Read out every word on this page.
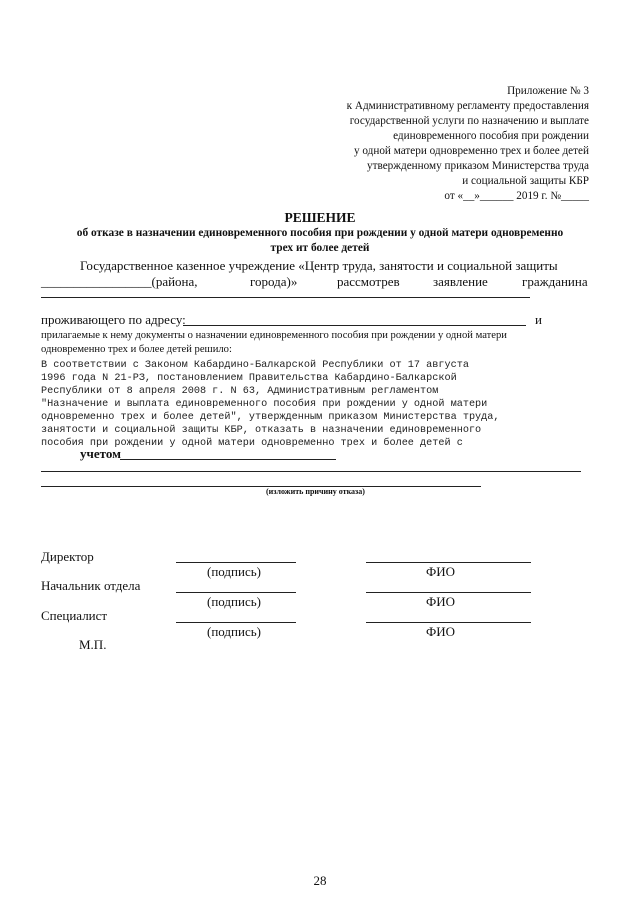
Приложение № 3
к Административному регламенту предоставления
государственной услуги по назначению и выплате
единовременного пособия при рождении
у одной матери одновременно трех и более детей
утвержденному приказом Министерства труда
и социальной защиты КБР
от «__»______ 2019 г. №_____
РЕШЕНИЕ
об отказе в назначении единовременного пособия при рождении у одной матери одновременно
трех ит более детей
Государственное казенное учреждение «Центр труда, занятости и социальной защиты
_________________(района,	города)»	рассмотрев	заявление	гражданина
проживающего по адресу:	и
прилагаемые к нему документы о назначении единовременного пособия при рождении у одной матери
одновременно трех и более детей решило:
В соответствии с Законом Кабардино-Балкарской Республики от 17 августа
1996 года N 21-РЗ, постановлением Правительства Кабардино-Балкарской
Республики от 8 апреля 2008 г. N 63, Административным регламентом
"Назначение и выплата единовременного пособия при рождении у одной матери
одновременно трех и более детей", утвержденным приказом Министерства труда,
занятости и социальной защиты КБР, отказать в назначении единовременного
пособия при рождении у одной матери одновременно трех и более детей с
учетом
(изложить причину отказа)
Директор
(подпись)	ФИО
Начальник отдела
(подпись)	ФИО
Специалист
(подпись)	ФИО
М.П.
28
